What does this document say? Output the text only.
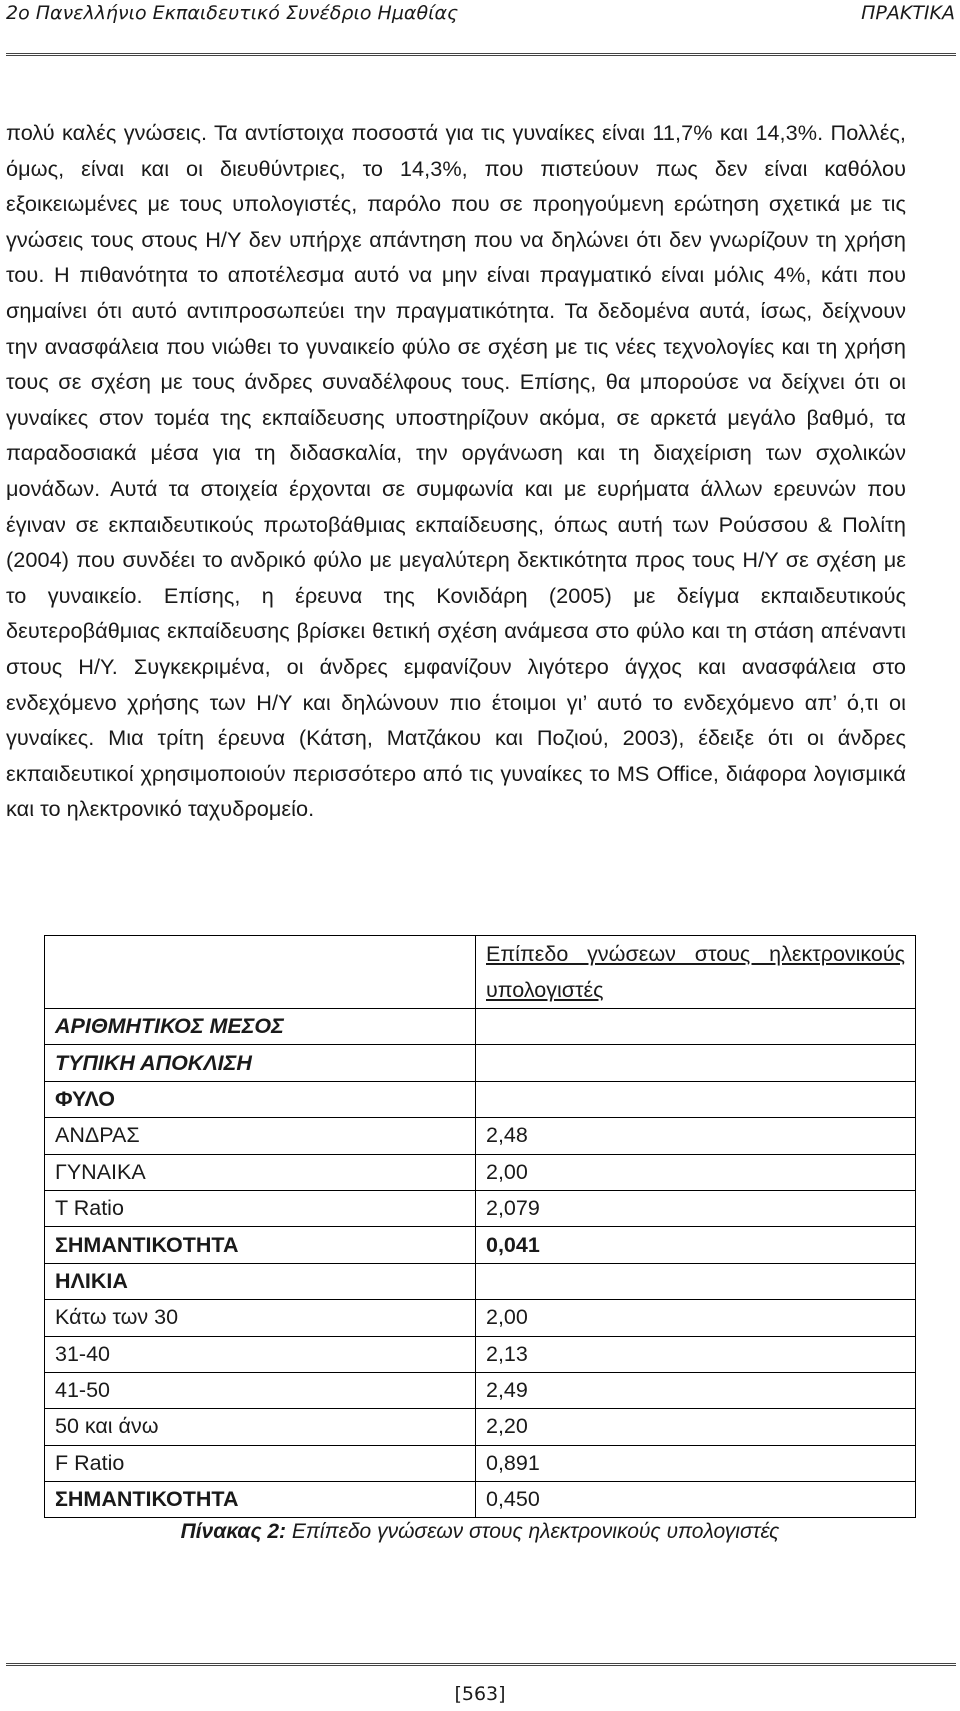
2ο Πανελλήνιο Εκπαιδευτικό Συνέδριο Ημαθίας	ΠΡΑΚΤΙΚΑ

πολύ καλές γνώσεις. Τα αντίστοιχα ποσοστά για τις γυναίκες είναι 11,7% και 14,3%. Πολλές, όμως, είναι και οι διευθύντριες, το 14,3%, που πιστεύουν πως δεν είναι καθόλου εξοικειωμένες με τους υπολογιστές, παρόλο που σε προηγούμενη ερώτηση σχετικά με τις γνώσεις τους στους Η/Υ δεν υπήρχε απάντηση που να δηλώνει ότι δεν γνωρίζουν τη χρήση του. Η πιθανότητα το αποτέλεσμα αυτό να μην είναι πραγματικό είναι μόλις 4%, κάτι που σημαίνει ότι αυτό αντιπροσωπεύει την πραγματικότητα. Τα δεδομένα αυτά, ίσως, δείχνουν την ανασφάλεια που νιώθει το γυναικείο φύλο σε σχέση με τις νέες τεχνολογίες και τη χρήση τους σε σχέση με τους άνδρες συναδέλφους τους. Επίσης, θα μπορούσε να δείχνει ότι οι γυναίκες στον τομέα της εκπαίδευσης υποστηρίζουν ακόμα, σε αρκετά μεγάλο βαθμό, τα παραδοσιακά μέσα για τη διδασκαλία, την οργάνωση και τη διαχείριση των σχολικών μονάδων. Αυτά τα στοιχεία έρχονται σε συμφωνία και με ευρήματα άλλων ερευνών που έγιναν σε εκπαιδευτικούς πρωτοβάθμιας εκπαίδευσης, όπως αυτή των Ρούσσου & Πολίτη (2004) που συνδέει το ανδρικό φύλο με μεγαλύτερη δεκτικότητα προς τους Η/Υ σε σχέση με το γυναικείο. Επίσης, η έρευνα της Κονιδάρη (2005) με δείγμα εκπαιδευτικούς δευτεροβάθμιας εκπαίδευσης βρίσκει θετική σχέση ανάμεσα στο φύλο και τη στάση απέναντι στους Η/Υ. Συγκεκριμένα, οι άνδρες εμφανίζουν λιγότερο άγχος και ανασφάλεια στο ενδεχόμενο χρήσης των Η/Υ και δηλώνουν πιο έτοιμοι γι’ αυτό το ενδεχόμενο απ’ ό,τι οι γυναίκες. Μια τρίτη έρευνα (Κάτση, Ματζάκου και Ποζιού, 2003), έδειξε ότι οι άνδρες εκπαιδευτικοί χρησιμοποιούν περισσότερο από τις γυναίκες το MS Office, διάφορα λογισμικά και το ηλεκτρονικό ταχυδρομείο.

	Επίπεδο γνώσεων στους ηλεκτρονικούς υπολογιστές

ΑΡΙΘΜΗΤΙΚΟΣ ΜΕΣΟΣ	
ΤΥΠΙΚΗ ΑΠΟΚΛΙΣΗ	
ΦΥΛΟ	
ΑΝΔΡΑΣ	2,48
ΓΥΝΑΙΚΑ	2,00
T Ratio	2,079
ΣΗΜΑΝΤΙΚΟΤΗΤΑ	0,041
ΗΛΙΚΙΑ	
Κάτω των 30	2,00
31-40	2,13
41-50	2,49
50 και άνω	2,20
F Ratio	0,891
ΣΗΜΑΝΤΙΚΟΤΗΤΑ	0,450
Πίνακας 2: Επίπεδο γνώσεων στους ηλεκτρονικούς υπολογιστές
[563]
